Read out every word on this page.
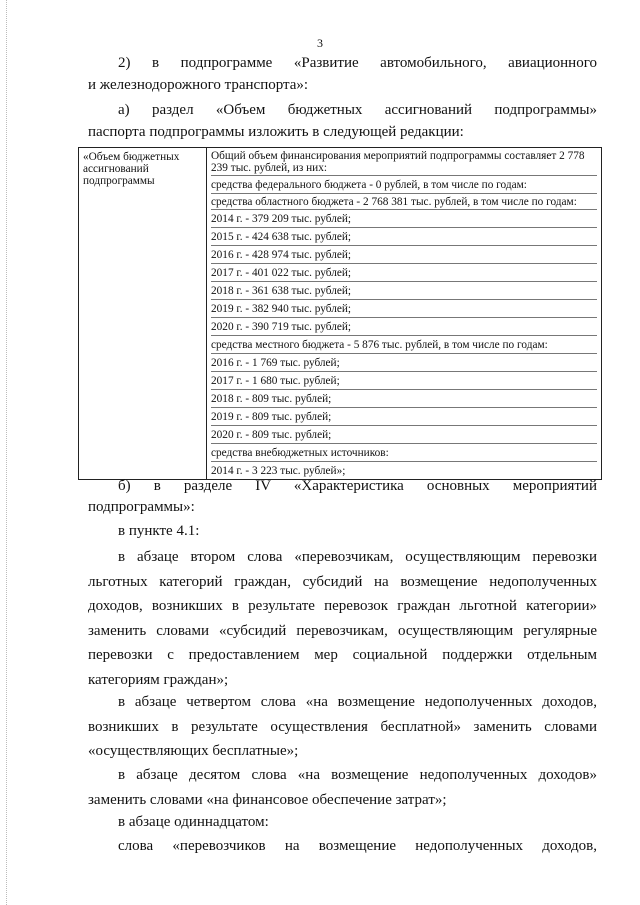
3

2) в подпрограмме «Развитие автомобильного, авиационного

и железнодорожного транспорта»:

а) раздел «Объем бюджетных ассигнований подпрограммы»

паспорта подпрограммы изложить в следующей редакции:

«Объем бюджетных ассигнований подпрограммы	
Общий объем финансирования мероприятий подпрограммы составляет 2 778 239 тыс. рублей, из них:
средства федерального бюджета - 0 рублей, в том числе по годам:
средства областного бюджета - 2 768 381 тыс. рублей, в том числе по годам:
2014 г. - 379 209 тыс. рублей;
2015 г. - 424 638 тыс. рублей;
2016 г. - 428 974 тыс. рублей;
2017 г. - 401 022 тыс. рублей;
2018 г. - 361 638 тыс. рублей;
2019 г. - 382 940 тыс. рублей;
2020 г. - 390 719 тыс. рублей;
средства местного бюджета - 5 876 тыс. рублей, в том числе по годам:
2016 г. - 1 769 тыс. рублей;
2017 г. - 1 680 тыс. рублей;
2018 г. - 809 тыс. рублей;
2019 г. - 809 тыс. рублей;
2020 г. - 809 тыс. рублей;
средства внебюджетных источников:
2014 г. - 3 223 тыс. рублей»;

б) в разделе IV «Характеристика основных мероприятий

подпрограммы»:

в пункте 4.1:

в абзаце втором слова «перевозчикам, осуществляющим перевозки льготных категорий граждан, субсидий на возмещение недополученных доходов, возникших в результате перевозок граждан льготной категории» заменить словами «субсидий перевозчикам, осуществляющим регулярные перевозки с предоставлением мер социальной поддержки отдельным категориям граждан»;

в абзаце четвертом слова «на возмещение недополученных доходов, возникших в результате осуществления бесплатной» заменить словами «осуществляющих бесплатные»;

в абзаце десятом слова «на возмещение недополученных доходов» заменить словами «на финансовое обеспечение затрат»;

в абзаце одиннадцатом:

слова «перевозчиков на возмещение недополученных доходов,
